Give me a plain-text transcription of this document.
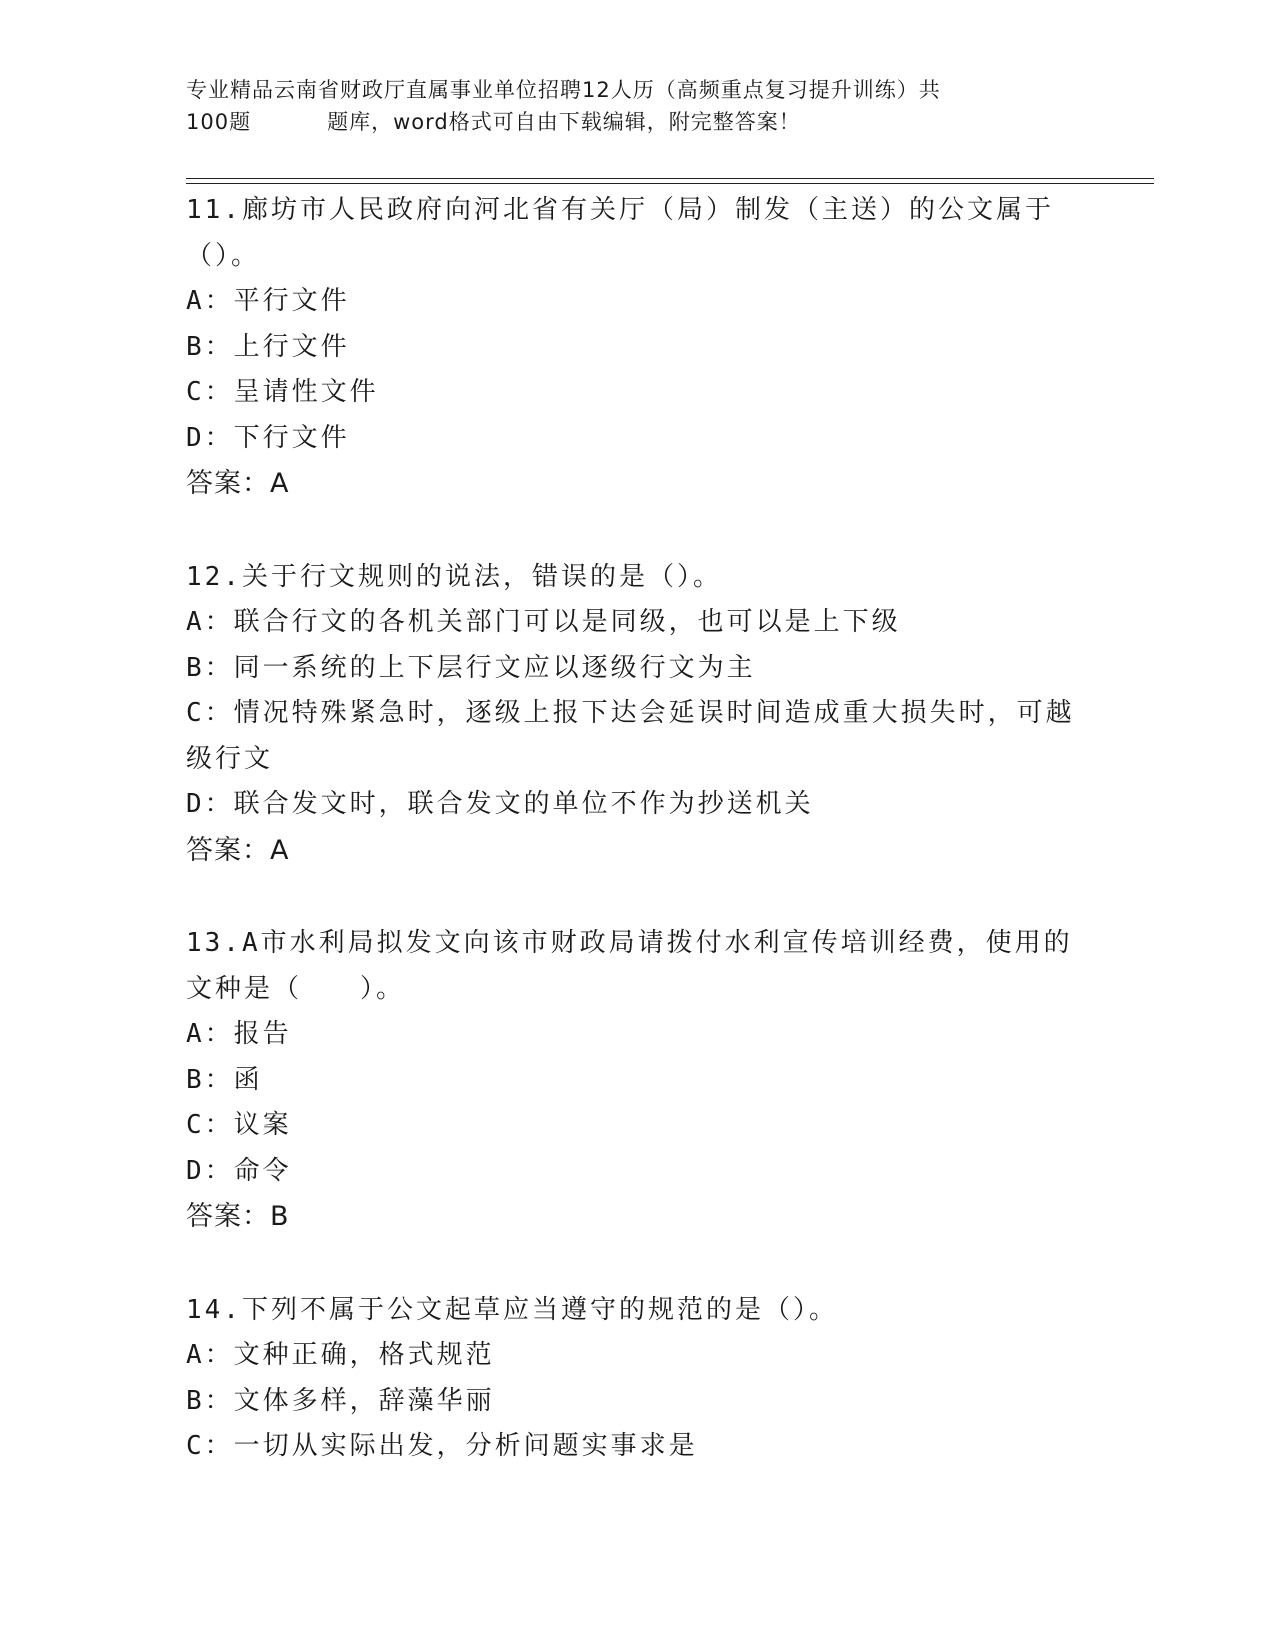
专业精品云南省财政厅直属事业单位招聘12人历（高频重点复习提升训练）共
100题	题库，word格式可自由下载编辑，附完整答案！

11.廊坊市人民政府向河北省有关厅（局）制发（主送）的公文属于（）。

A：平行文件

B：上行文件

C：呈请性文件

D：下行文件

答案：A

12.关于行文规则的说法，错误的是（）。

A：联合行文的各机关部门可以是同级，也可以是上下级

B：同一系统的上下层行文应以逐级行文为主

C：情况特殊紧急时，逐级上报下达会延误时间造成重大损失时，可越级行文

D：联合发文时，联合发文的单位不作为抄送机关

答案：A

13.A市水利局拟发文向该市财政局请拨付水利宣传培训经费，使用的文种是（　　）。

A：报告

B：函

C：议案

D：命令

答案：B

14.下列不属于公文起草应当遵守的规范的是（）。

A：文种正确，格式规范

B：文体多样，辞藻华丽

C：一切从实际出发，分析问题实事求是
